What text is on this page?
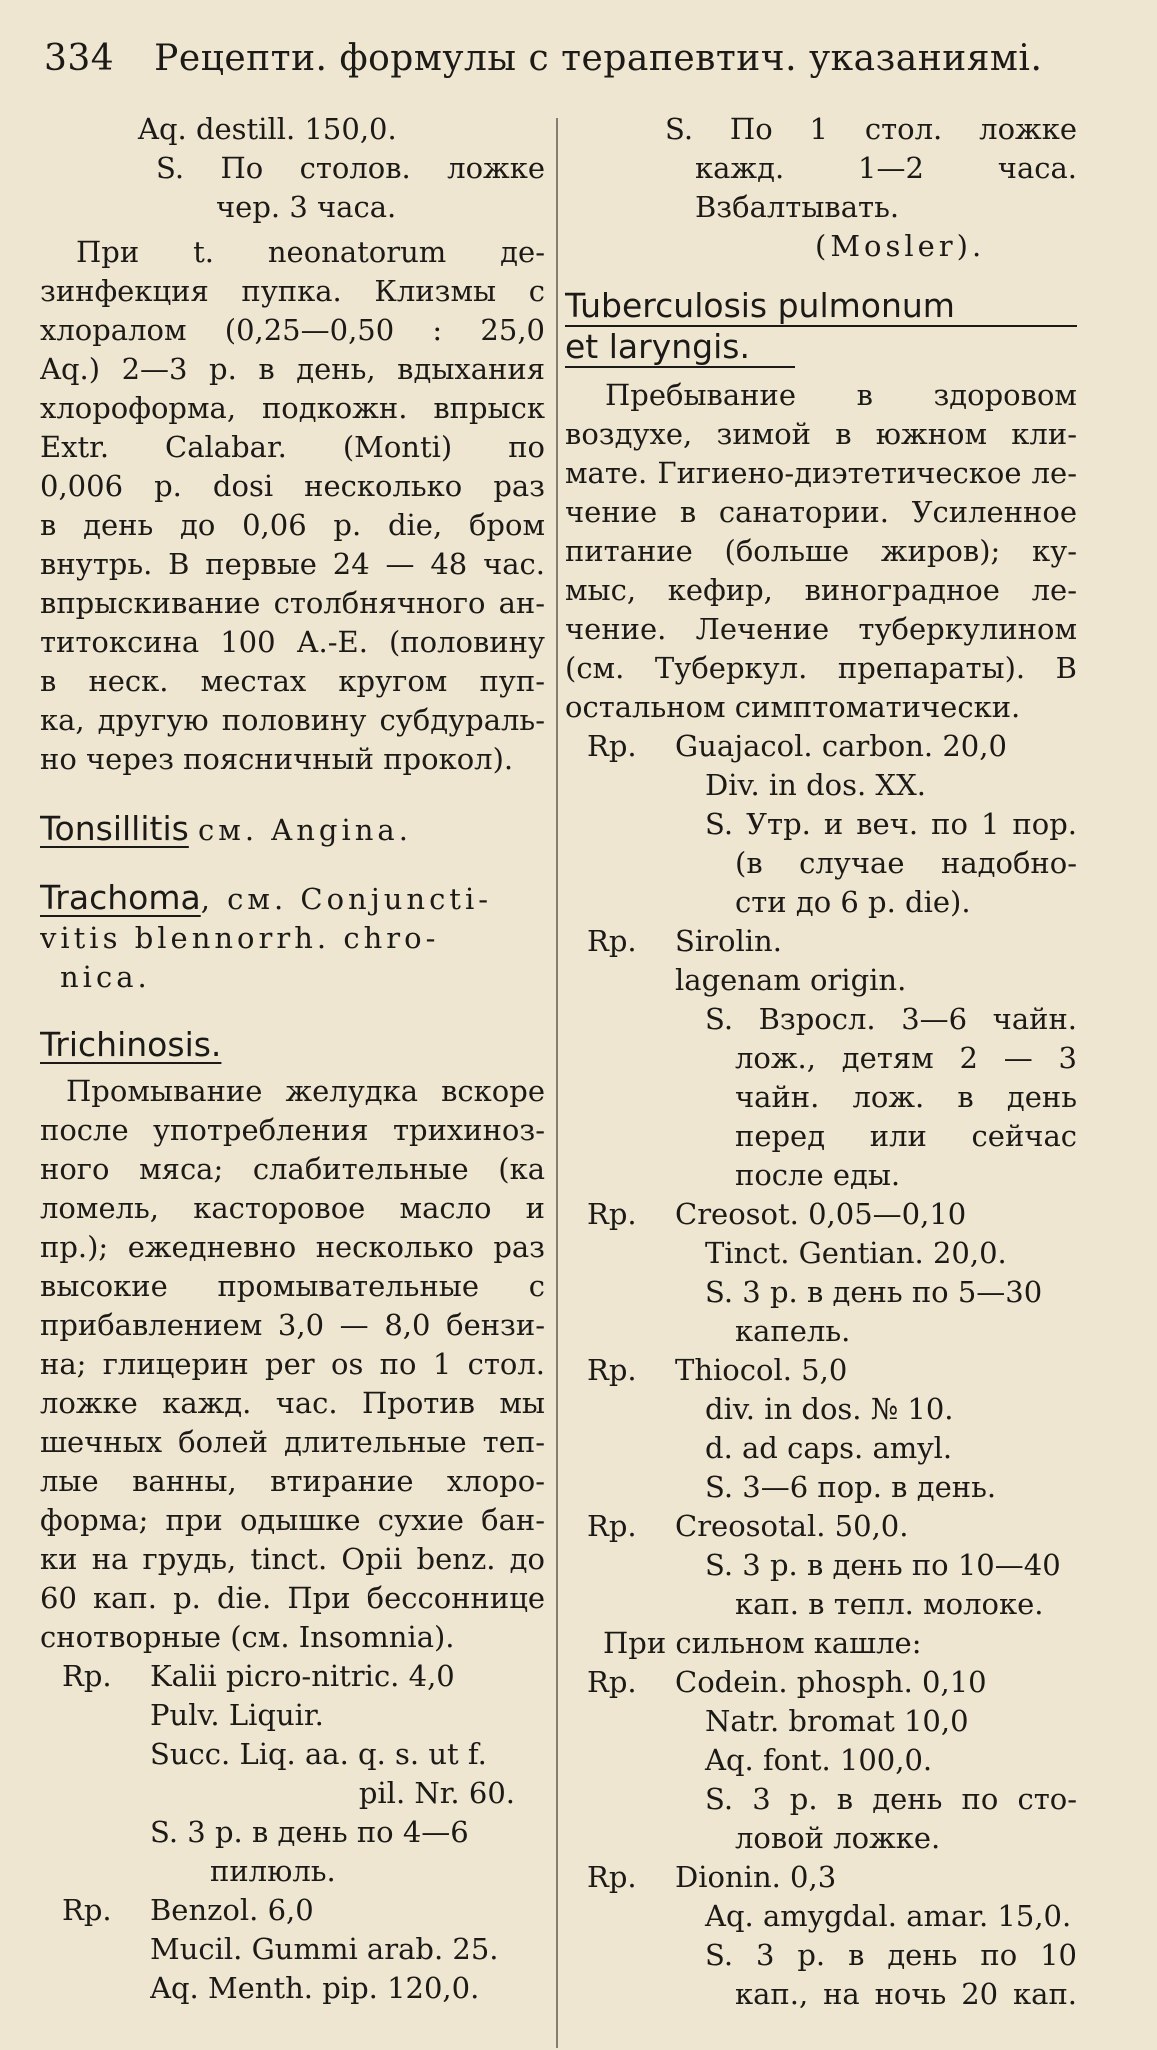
334 Рецепти. формулы с терапевтич. указаниямі.
Aq. destill. 150,0.
S. По столов. ложке
чер. 3 часа.
При t. neonatorum де-
зинфекция пупка. Клизмы с
хлоралом (0,25—0,50 : 25,0
Aq.) 2—3 р. в день, вдыхания
хлороформа, подкожн. впрыск
Extr. Calabar. (Monti) по
0,006 р. dosi несколько раз
в день до 0,06 р. die, бром
внутрь. В первые 24 — 48 час.
впрыскивание столбнячного ан-
титоксина 100 А.-Е. (половину
в неск. местах кругом пуп-
ка, другую половину субдураль-
но через поясничный прокол).
Tonsillitis см. Angina.
Trachoma, см. Conjuncti-
vitis blennorrh. chro-
nica.
Trichinosis.
Промывание желудка вскоре
после употребления трихиноз-
ного мяса; слабительные (ка
ломель, касторовое масло и
пр.); ежедневно несколько раз
высокие промывательные с
прибавлением 3,0 — 8,0 бензи-
на; глицерин per os по 1 стол.
ложке кажд. час. Против мы
шечных болей длительные теп-
лые ванны, втирание хлоро-
форма; при одышке сухие бан-
ки на грудь, tinct. Opii benz. до
60 кап. р. die. При бессоннице
снотворные (см. Insomnia).
Rp.	Kalii picro-nitric. 4,0
Pulv. Liquir.
Succ. Liq. aa. q. s. ut f.
pil. Nr. 60.
S. 3 р. в день по 4—6
пилюль.
Rp.	Benzol. 6,0
Mucil. Gummi arab. 25.
Aq. Menth. pip. 120,0.
S. По 1 стол. ложке
кажд. 1—2 часа.
Взбалтывать.
(Mosler).
Tuberculosis pulmonum
et laryngis.
Пребывание в здоровом
воздухе, зимой в южном кли-
мате. Гигиено-диэтетическое ле-
чение в санатории. Усиленное
питание (больше жиров); ку-
мыс, кефир, виноградное ле-
чение. Лечение туберкулином
(см. Туберкул. препараты). В
остальном симптоматически.
Rp.	Guajacol. carbon. 20,0
Div. in dos. XX.
S. Утр. и веч. по 1 пор.
(в случае надобно-
сти до 6 р. die).
Rp.	Sirolin.
lagenam origin.
S. Взросл. 3—6 чайн.
лож., детям 2 — 3
чайн. лож. в день
перед или сейчас
после еды.
Rp.	Creosot. 0,05—0,10
Tinct. Gentian. 20,0.
S. 3 р. в день по 5—30
капель.
Rp.	Thiocol. 5,0
div. in dos. № 10.
d. ad caps. amyl.
S. 3—6 пор. в день.
Rp.	Creosotal. 50,0.
S. 3 р. в день по 10—40
кап. в тепл. молоке.
При сильном кашле:
Rp.	Codein. phosph. 0,10
Natr. bromat 10,0
Aq. font. 100,0.
S. 3 р. в день по сто-
ловой ложке.
Rp.	Dionin. 0,3
Aq. amygdal. amar. 15,0.
S. 3 р. в день по 10
кап., на ночь 20 кап.
